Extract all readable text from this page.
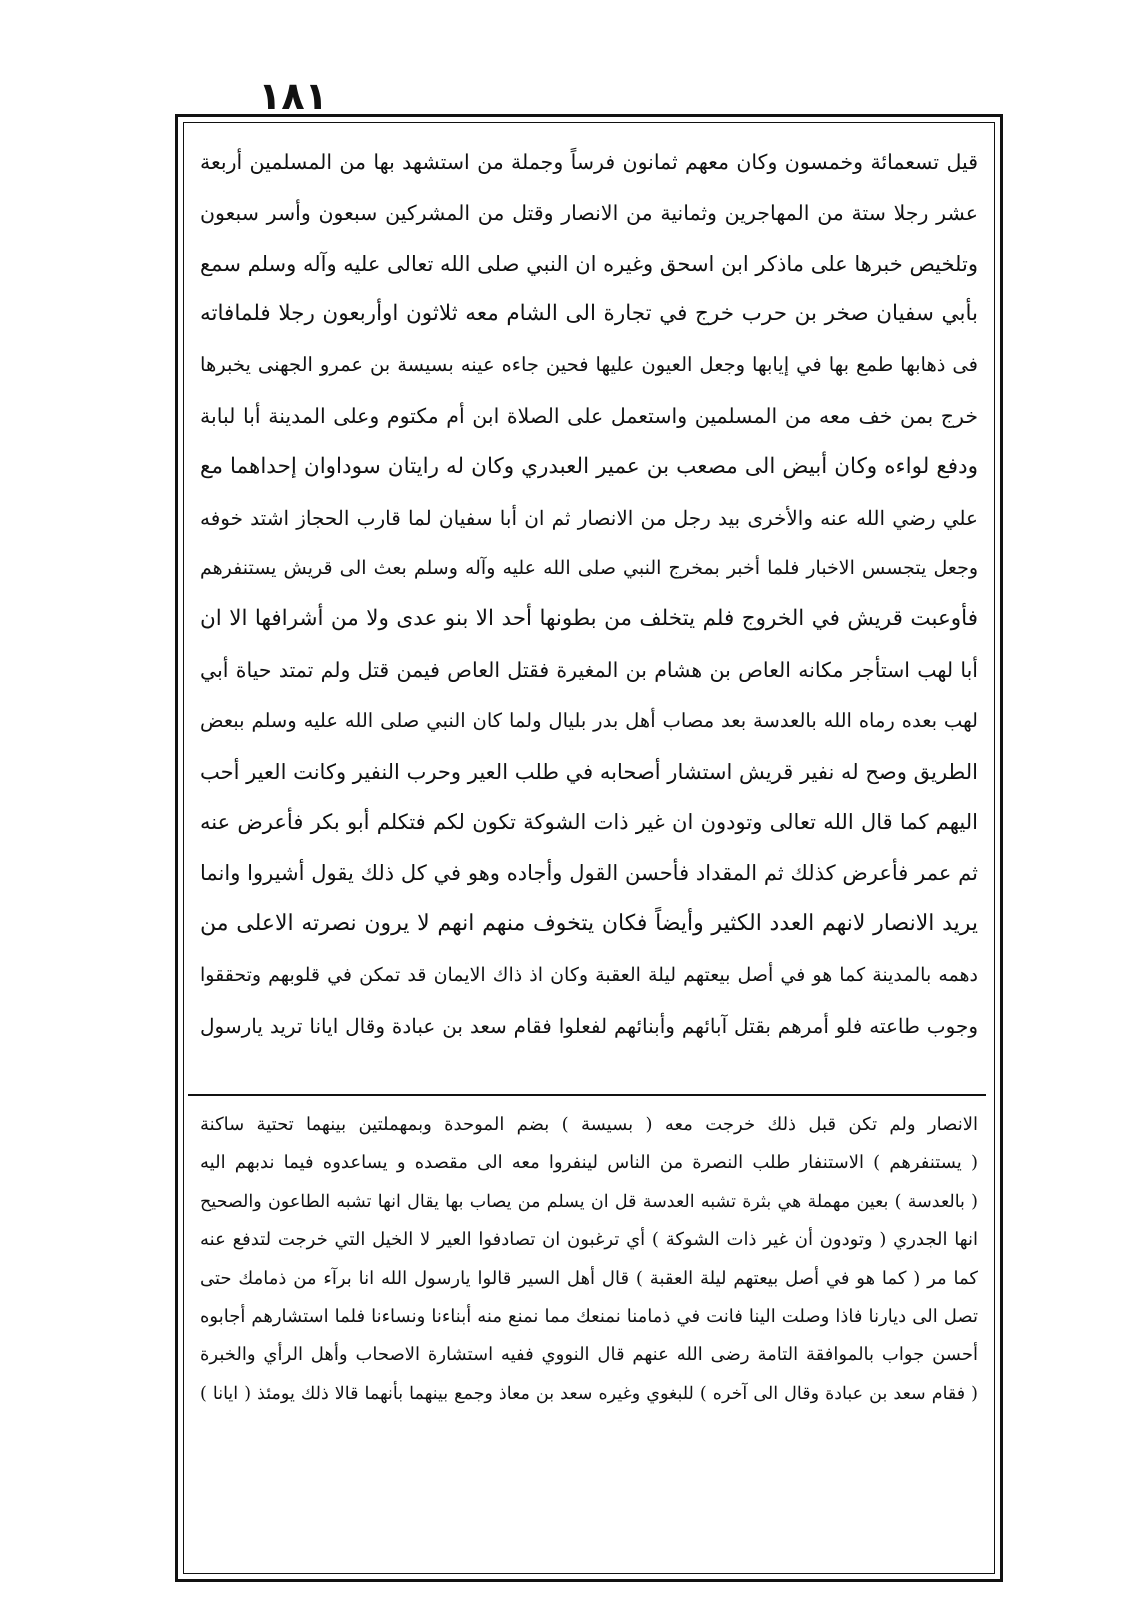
١٨١
قيل تسعمائة وخمسون وكان معهم ثمانون فرساً وجملة من استشهد بها من المسلمين أربعة
عشر رجلا ستة من المهاجرين وثمانية من الانصار وقتل من المشركين سبعون وأسر سبعون
وتلخيص خبرها على ماذكر ابن اسحق وغيره ان النبي صلى الله تعالى عليه وآله وسلم سمع
بأبي سفيان صخر بن حرب خرج في تجارة الى الشام معه ثلاثون اوأربعون رجلا فلمافاته
فى ذهابها طمع بها في إيابها وجعل العيون عليها فحين جاءه عينه بسيسة بن عمرو الجهنى يخبرها
خرج بمن خف معه من المسلمين واستعمل على الصلاة ابن أم مكتوم وعلى المدينة أبا لبابة
ودفع لواءه وكان أبيض الى مصعب بن عمير العبدري وكان له رايتان سوداوان إحداهما مع
علي رضي الله عنه والأخرى بيد رجل من الانصار ثم ان أبا سفيان لما قارب الحجاز اشتد خوفه
وجعل يتجسس الاخبار فلما أخبر بمخرج النبي صلى الله عليه وآله وسلم بعث الى قريش يستنفرهم
فأوعبت قريش في الخروج فلم يتخلف من بطونها أحد الا بنو عدى ولا من أشرافها الا ان
أبا لهب استأجر مكانه العاص بن هشام بن المغيرة فقتل العاص فيمن قتل ولم تمتد حياة أبي
لهب بعده رماه الله بالعدسة بعد مصاب أهل بدر بليال ولما كان النبي صلى الله عليه وسلم ببعض
الطريق وصح له نفير قريش استشار أصحابه في طلب العير وحرب النفير وكانت العير أحب
اليهم كما قال الله تعالى وتودون ان غير ذات الشوكة تكون لكم فتكلم أبو بكر فأعرض عنه
ثم عمر فأعرض كذلك ثم المقداد فأحسن القول وأجاده وهو في كل ذلك يقول أشيروا وانما
يريد الانصار لانهم العدد الكثير وأيضاً فكان يتخوف منهم انهم لا يرون نصرته الاعلى من
دهمه بالمدينة كما هو في أصل بيعتهم ليلة العقبة وكان اذ ذاك الايمان قد تمكن في قلوبهم وتحققوا
وجوب طاعته فلو أمرهم بقتل آبائهم وأبنائهم لفعلوا فقام سعد بن عبادة وقال ايانا تريد يارسول
الانصار ولم تكن قبل ذلك خرجت معه ( بسيسة ) بضم الموحدة وبمهملتين بينهما تحتية ساكنة
( يستنفرهم ) الاستنفار طلب النصرة من الناس لينفروا معه الى مقصده و يساعدوه فيما ندبهم اليه
( بالعدسة ) بعين مهملة هي بثرة تشبه العدسة قل ان يسلم من يصاب بها يقال انها تشبه الطاعون والصحيح
انها الجدري ( وتودون أن غير ذات الشوكة ) أي ترغبون ان تصادفوا العير لا الخيل التي خرجت لتدفع عنه
كما مر ( كما هو في أصل بيعتهم ليلة العقبة ) قال أهل السير قالوا يارسول الله انا برآء من ذمامك حتى
تصل الى ديارنا فاذا وصلت الينا فانت في ذمامنا نمنعك مما نمنع منه أبناءنا ونساءنا فلما استشارهم أجابوه
أحسن جواب بالموافقة التامة رضى الله عنهم قال النووي ففيه استشارة الاصحاب وأهل الرأي والخبرة
( فقام سعد بن عبادة وقال الى آخره ) للبغوي وغيره سعد بن معاذ وجمع بينهما بأنهما قالا ذلك يومئذ ( ايانا )
